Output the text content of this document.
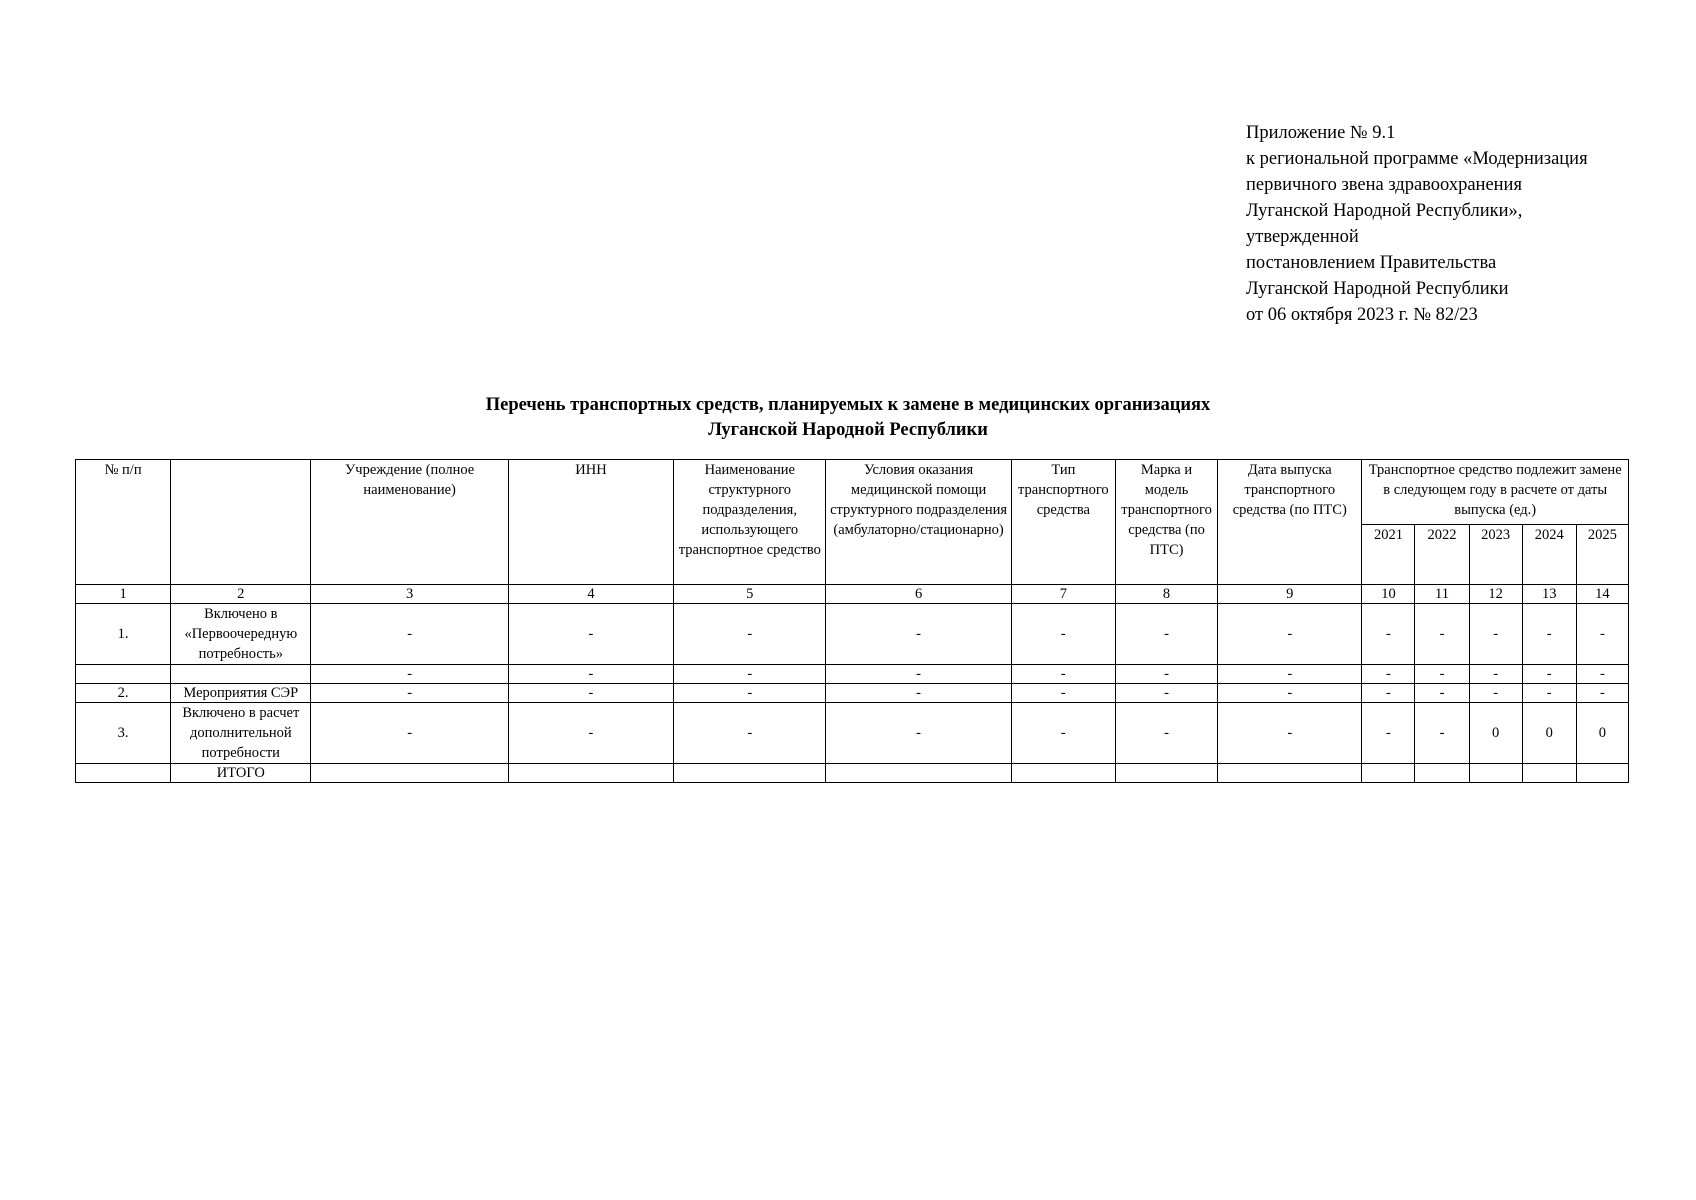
Приложение № 9.1
к региональной программе «Модернизация
первичного звена здравоохранения
Луганской Народной Республики»,
утвержденной
постановлением Правительства
Луганской Народной Республики
от 06 октября 2023 г. № 82/23
Перечень транспортных средств, планируемых к замене в медицинских организациях
Луганской Народной Республики
№ п/п		Учреждение (полное наименование)	ИНН	Наименование структурного подразделения, использующего транспортное средство	Условия оказания медицинской помощи структурного подразделения (амбулаторно/стационарно)	Тип транспортного средства	Марка и модель транспортного средства (по ПТС)	Дата выпуска транспортного средства (по ПТС)	Транспортное средство подлежит замене в следующем году в расчете от даты выпуска (ед.)				
									2021	2022	2023	2024	2025
1	2	3	4	5	6	7	8	9	10	11	12	13	14
1.	Включено в «Первоочередную потребность»	-	-	-	-	-	-	-	-	-	-	-	-
		-	-	-	-	-	-	-	-	-	-	-	-
2.	Мероприятия СЭР	-	-	-	-	-	-	-	-	-	-	-	-
3.	Включено в расчет дополнительной потребности	-	-	-	-	-	-	-	-	-	0	0	0
	ИТОГО												
